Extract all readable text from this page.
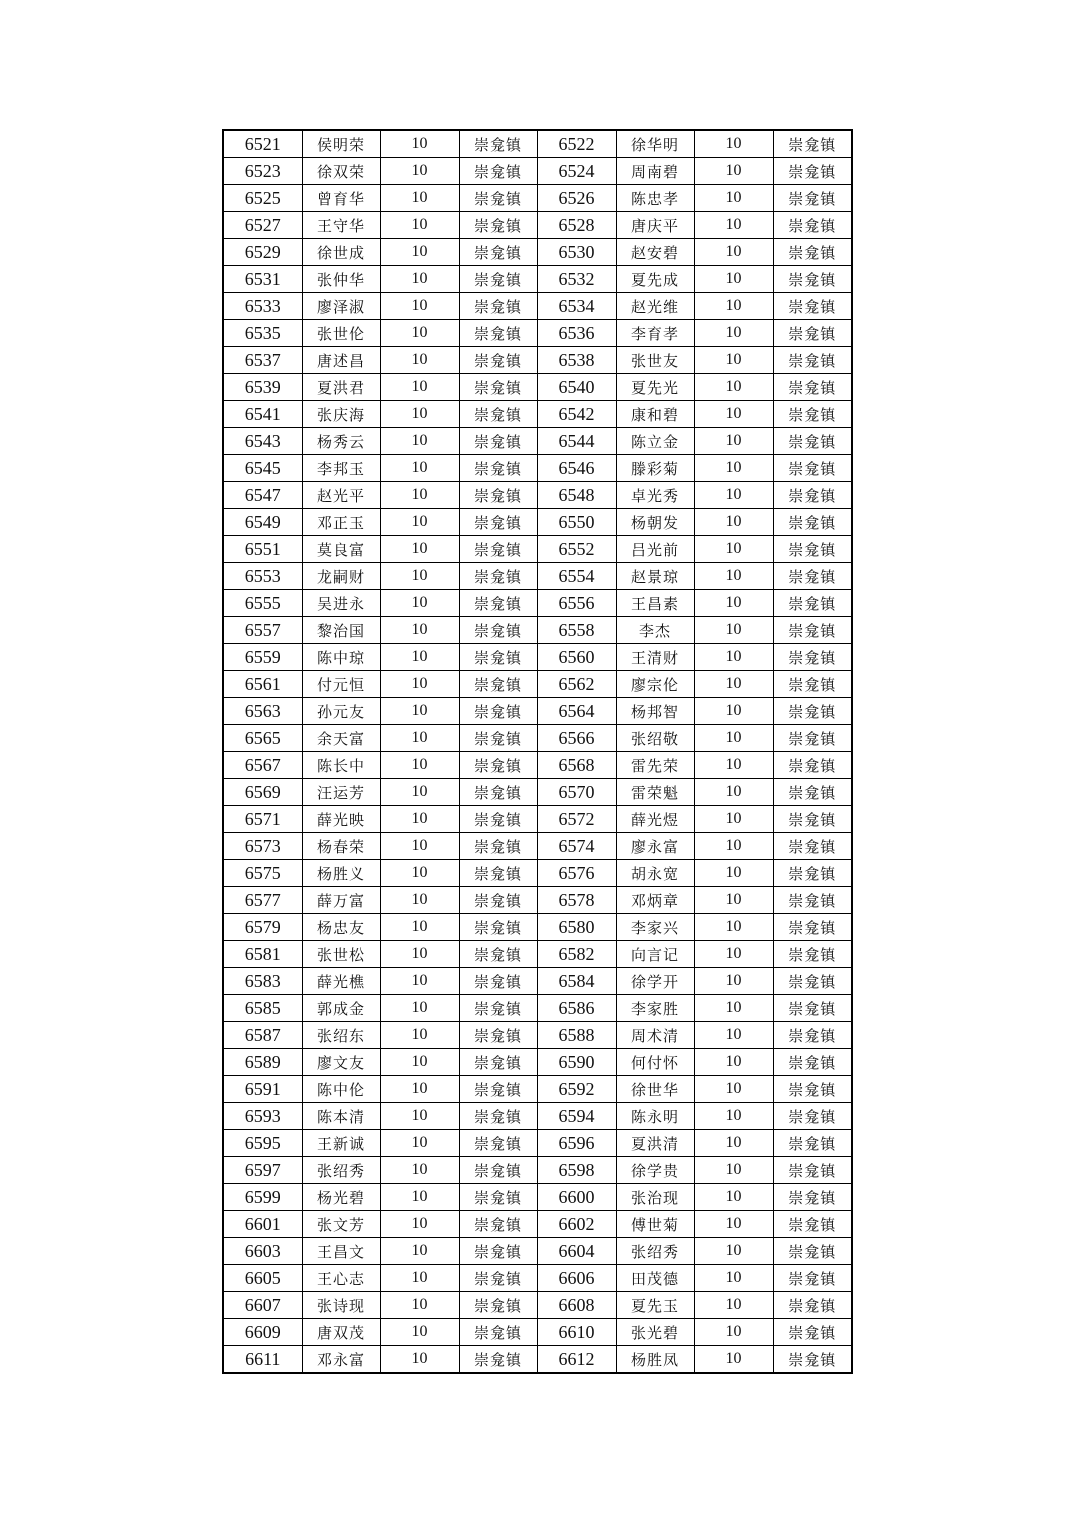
6521	侯明荣	10	崇龛镇	6522	徐华明	10	崇龛镇
6523	徐双荣	10	崇龛镇	6524	周南碧	10	崇龛镇
6525	曾育华	10	崇龛镇	6526	陈忠孝	10	崇龛镇
6527	王守华	10	崇龛镇	6528	唐庆平	10	崇龛镇
6529	徐世成	10	崇龛镇	6530	赵安碧	10	崇龛镇
6531	张仲华	10	崇龛镇	6532	夏先成	10	崇龛镇
6533	廖泽淑	10	崇龛镇	6534	赵光维	10	崇龛镇
6535	张世伦	10	崇龛镇	6536	李育孝	10	崇龛镇
6537	唐述昌	10	崇龛镇	6538	张世友	10	崇龛镇
6539	夏洪君	10	崇龛镇	6540	夏先光	10	崇龛镇
6541	张庆海	10	崇龛镇	6542	康和碧	10	崇龛镇
6543	杨秀云	10	崇龛镇	6544	陈立金	10	崇龛镇
6545	李邦玉	10	崇龛镇	6546	滕彩菊	10	崇龛镇
6547	赵光平	10	崇龛镇	6548	卓光秀	10	崇龛镇
6549	邓正玉	10	崇龛镇	6550	杨朝发	10	崇龛镇
6551	莫良富	10	崇龛镇	6552	吕光前	10	崇龛镇
6553	龙嗣财	10	崇龛镇	6554	赵景琼	10	崇龛镇
6555	吴进永	10	崇龛镇	6556	王昌素	10	崇龛镇
6557	黎治国	10	崇龛镇	6558	李杰	10	崇龛镇
6559	陈中琼	10	崇龛镇	6560	王清财	10	崇龛镇
6561	付元恒	10	崇龛镇	6562	廖宗伦	10	崇龛镇
6563	孙元友	10	崇龛镇	6564	杨邦智	10	崇龛镇
6565	余天富	10	崇龛镇	6566	张绍敬	10	崇龛镇
6567	陈长中	10	崇龛镇	6568	雷先荣	10	崇龛镇
6569	汪运芳	10	崇龛镇	6570	雷荣魁	10	崇龛镇
6571	薛光映	10	崇龛镇	6572	薛光煜	10	崇龛镇
6573	杨春荣	10	崇龛镇	6574	廖永富	10	崇龛镇
6575	杨胜义	10	崇龛镇	6576	胡永宽	10	崇龛镇
6577	薛万富	10	崇龛镇	6578	邓炳章	10	崇龛镇
6579	杨忠友	10	崇龛镇	6580	李家兴	10	崇龛镇
6581	张世松	10	崇龛镇	6582	向言记	10	崇龛镇
6583	薛光樵	10	崇龛镇	6584	徐学开	10	崇龛镇
6585	郭成金	10	崇龛镇	6586	李家胜	10	崇龛镇
6587	张绍东	10	崇龛镇	6588	周术清	10	崇龛镇
6589	廖文友	10	崇龛镇	6590	何付怀	10	崇龛镇
6591	陈中伦	10	崇龛镇	6592	徐世华	10	崇龛镇
6593	陈本清	10	崇龛镇	6594	陈永明	10	崇龛镇
6595	王新诚	10	崇龛镇	6596	夏洪清	10	崇龛镇
6597	张绍秀	10	崇龛镇	6598	徐学贵	10	崇龛镇
6599	杨光碧	10	崇龛镇	6600	张治现	10	崇龛镇
6601	张文芳	10	崇龛镇	6602	傅世菊	10	崇龛镇
6603	王昌文	10	崇龛镇	6604	张绍秀	10	崇龛镇
6605	王心志	10	崇龛镇	6606	田茂德	10	崇龛镇
6607	张诗现	10	崇龛镇	6608	夏先玉	10	崇龛镇
6609	唐双茂	10	崇龛镇	6610	张光碧	10	崇龛镇
6611	邓永富	10	崇龛镇	6612	杨胜凤	10	崇龛镇
